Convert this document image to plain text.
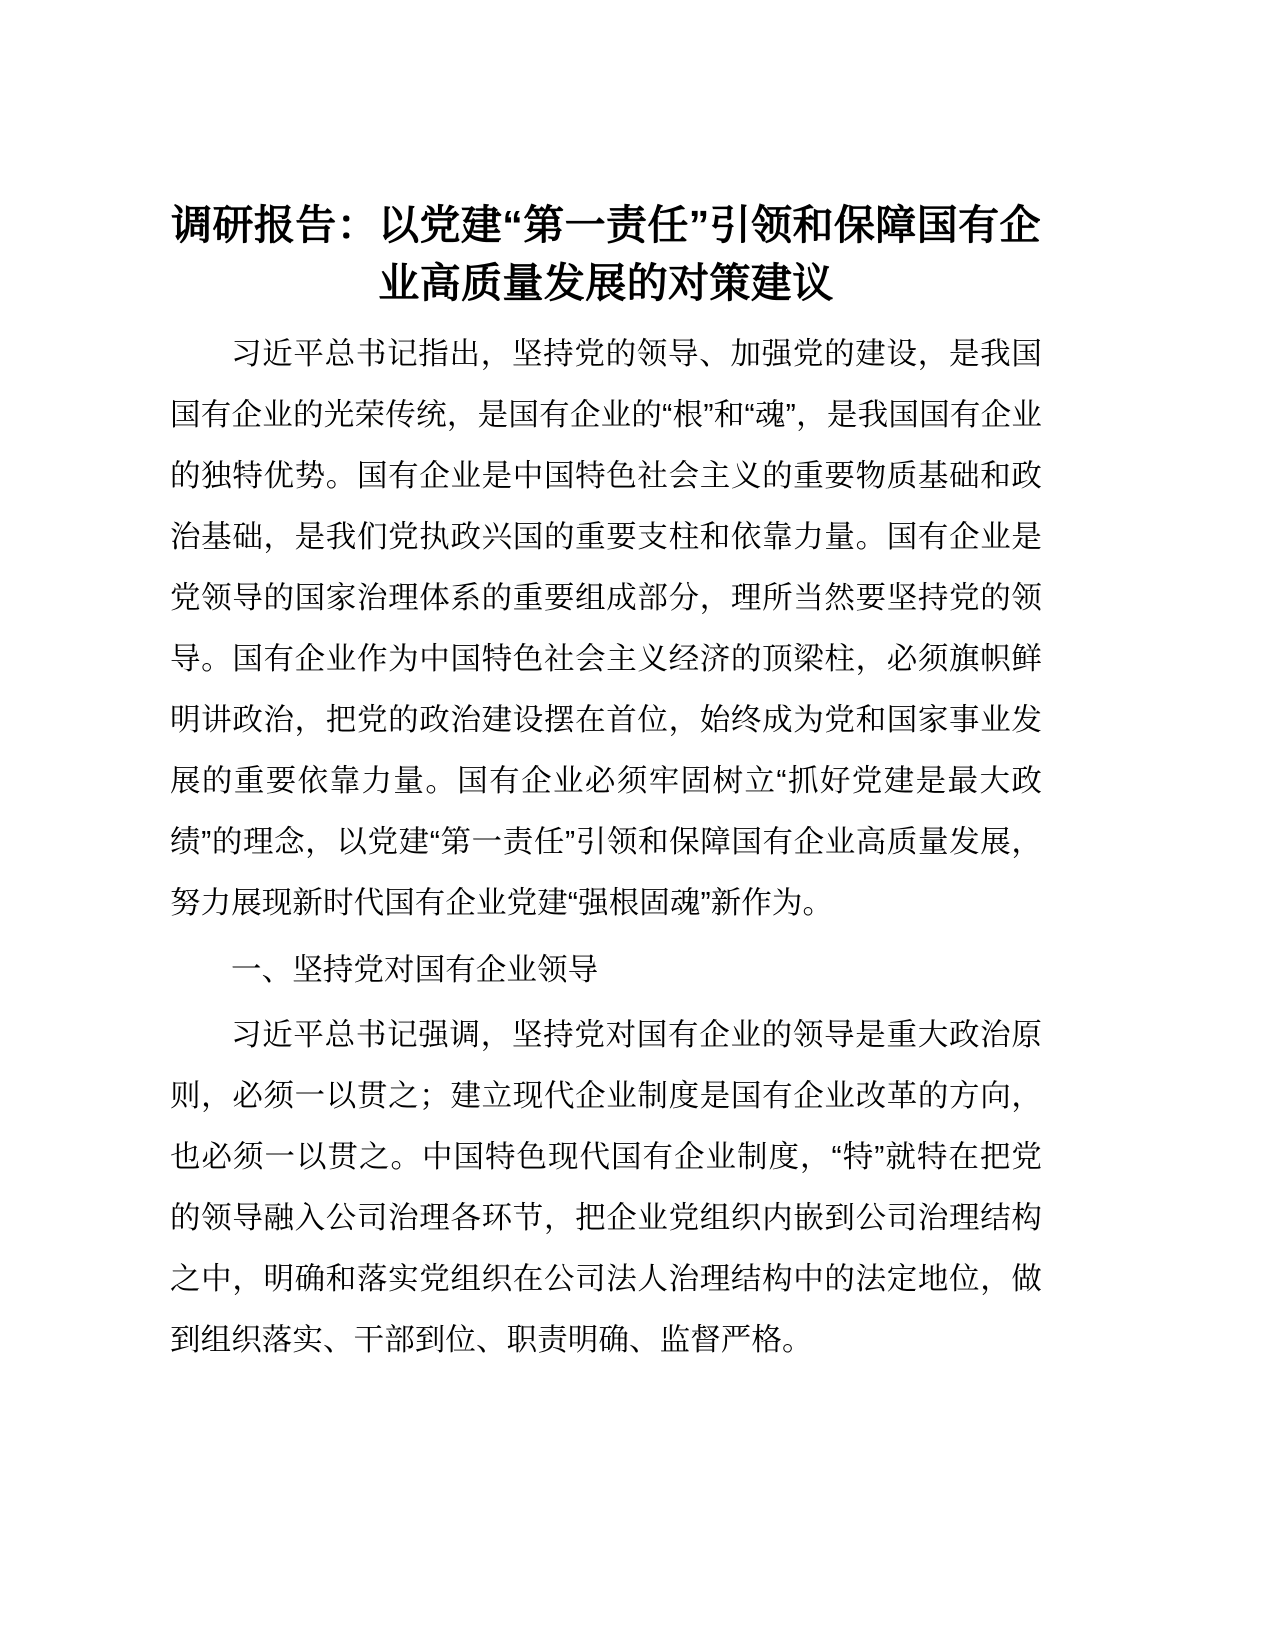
调研报告：以党建“第一责任”引领和保障国有企业高质量发展的对策建议

习近平总书记指出，坚持党的领导、加强党的建设，是我国国有企业的光荣传统，是国有企业的“根”和“魂”，是我国国有企业的独特优势。国有企业是中国特色社会主义的重要物质基础和政治基础，是我们党执政兴国的重要支柱和依靠力量。国有企业是党领导的国家治理体系的重要组成部分，理所当然要坚持党的领导。国有企业作为中国特色社会主义经济的顶梁柱，必须旗帜鲜明讲政治，把党的政治建设摆在首位，始终成为党和国家事业发展的重要依靠力量。国有企业必须牢固树立“抓好党建是最大政绩”的理念，以党建“第一责任”引领和保障国有企业高质量发展，努力展现新时代国有企业党建“强根固魂”新作为。

一、坚持党对国有企业领导

习近平总书记强调，坚持党对国有企业的领导是重大政治原则，必须一以贯之；建立现代企业制度是国有企业改革的方向，也必须一以贯之。中国特色现代国有企业制度，“特”就特在把党的领导融入公司治理各环节，把企业党组织内嵌到公司治理结构之中，明确和落实党组织在公司法人治理结构中的法定地位，做到组织落实、干部到位、职责明确、监督严格。
